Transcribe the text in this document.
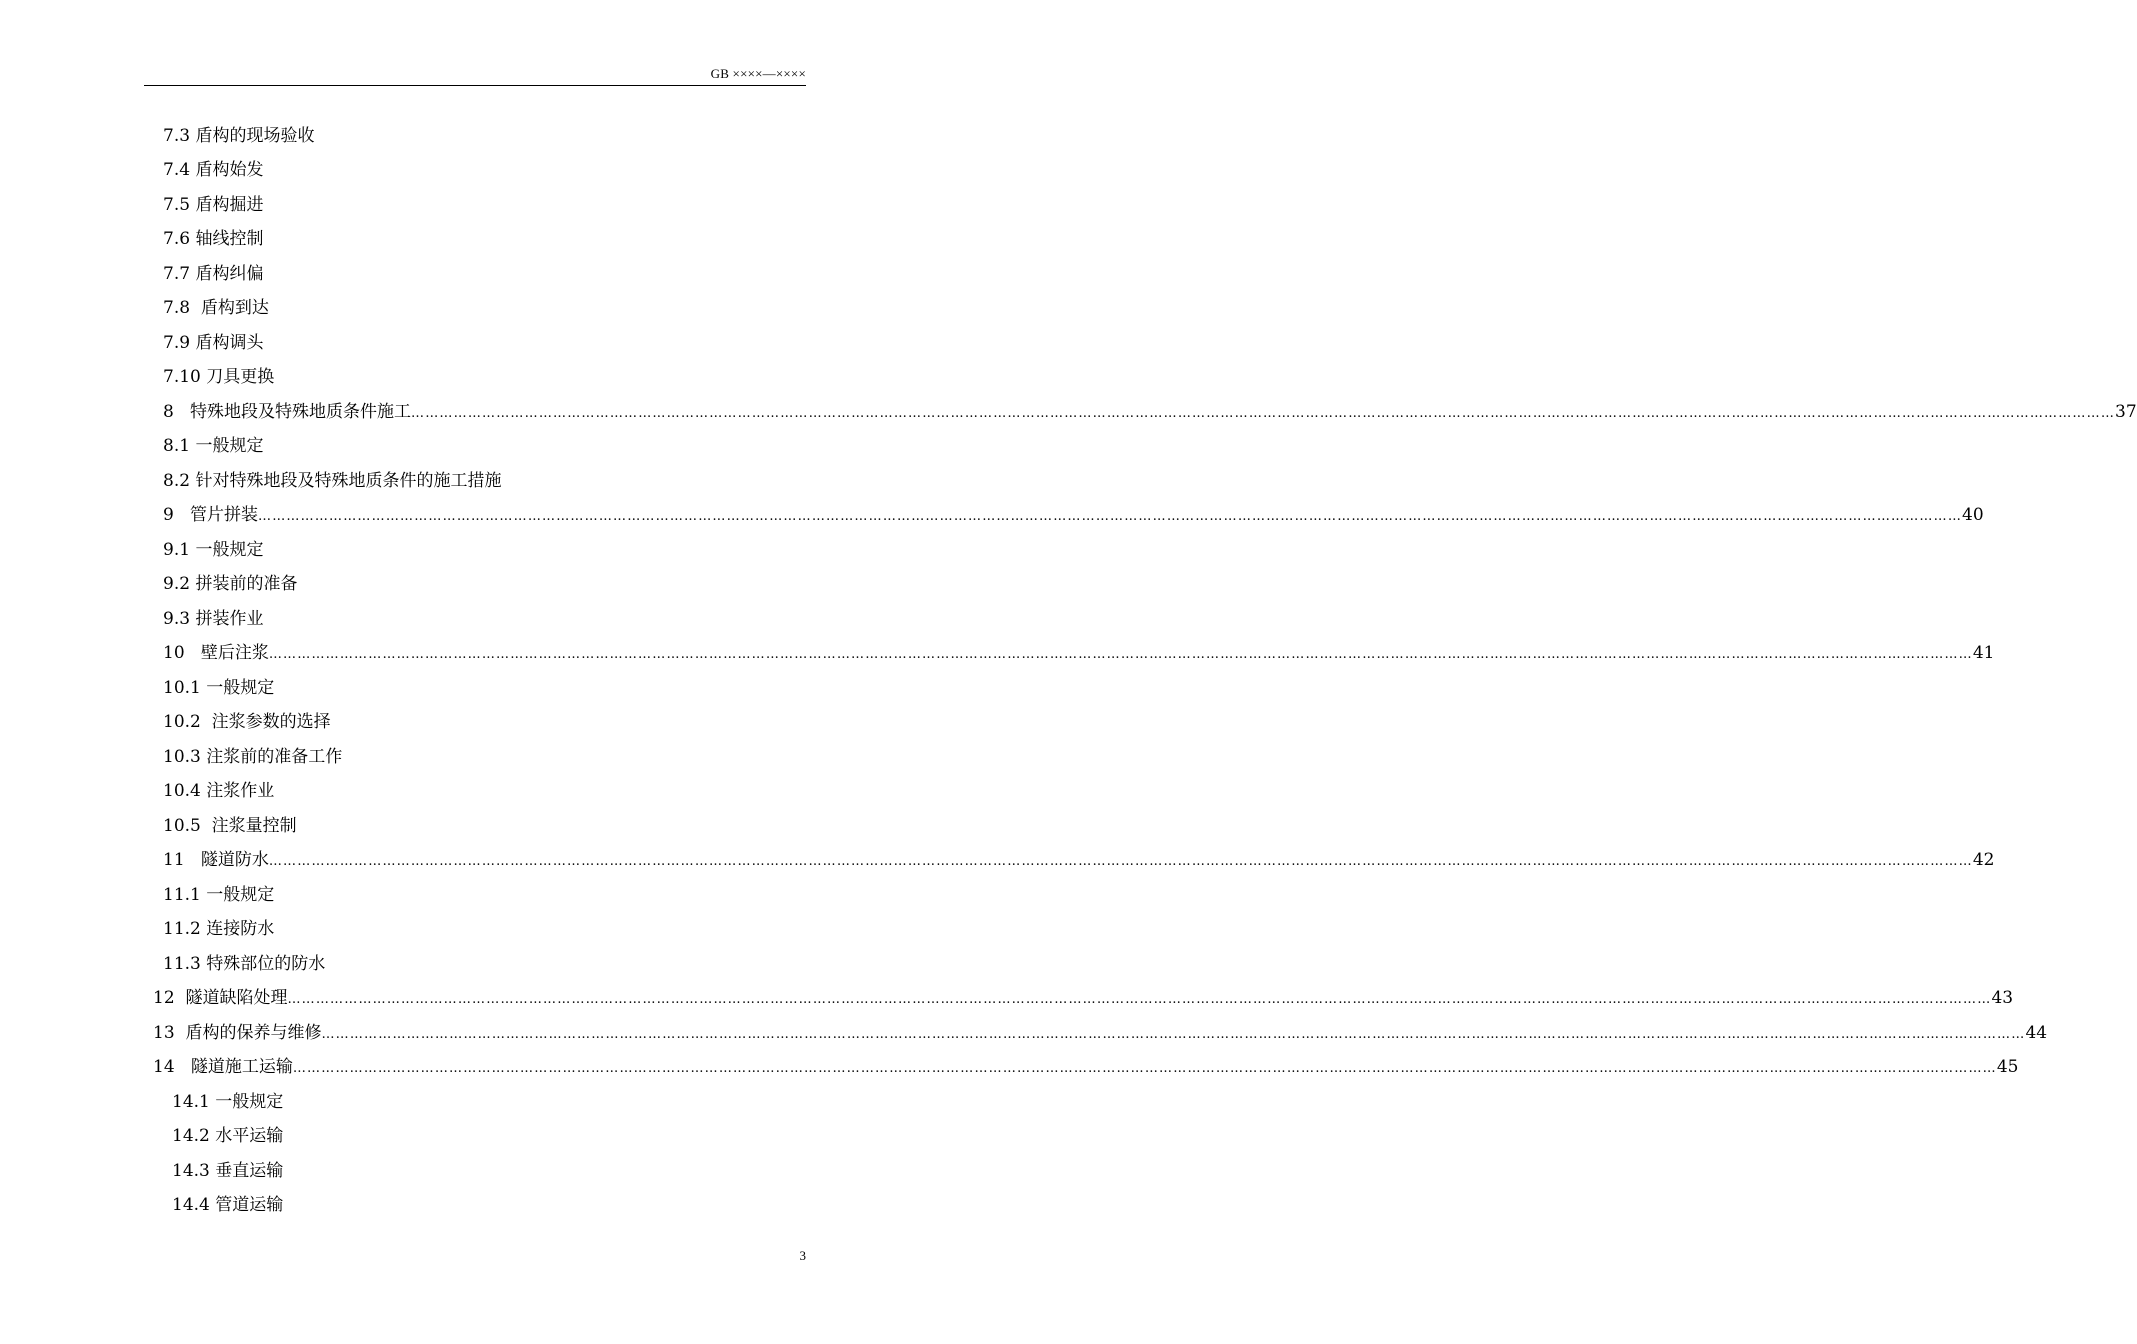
GB ××××—××××
7.3 盾构的现场验收
7.4 盾构始发
7.5 盾构掘进
7.6 轴线控制
7.7 盾构纠偏
7.8  盾构到达
7.9 盾构调头
7.10 刀具更换
8   特殊地段及特殊地质条件施工 ……………………………………………………………………………………………………………………………………………………………………………………………………………………………………………………………………………………………………………………………… 37
8.1 一般规定
8.2 针对特殊地段及特殊地质条件的施工措施
9   管片拼装 ……………………………………………………………………………………………………………………………………………………………………………………………………………………………………………………………………………………………………………………………… 40
9.1 一般规定
9.2 拼装前的准备
9.3 拼装作业
10   壁后注浆 ……………………………………………………………………………………………………………………………………………………………………………………………………………………………………………………………………………………………………………………………… 41
10.1 一般规定
10.2  注浆参数的选择
10.3 注浆前的准备工作
10.4 注浆作业
10.5  注浆量控制
11   隧道防水 ……………………………………………………………………………………………………………………………………………………………………………………………………………………………………………………………………………………………………………………………… 42
11.1 一般规定
11.2 连接防水
11.3 特殊部位的防水
12  隧道缺陷处理 ……………………………………………………………………………………………………………………………………………………………………………………………………………………………………………………………………………………………………………………………… 43
13  盾构的保养与维修 ……………………………………………………………………………………………………………………………………………………………………………………………………………………………………………………………………………………………………………………………… 44
14   隧道施工运输 ……………………………………………………………………………………………………………………………………………………………………………………………………………………………………………………………………………………………………………………………… 45
14.1 一般规定
14.2 水平运输
14.3 垂直运输
14.4 管道运输
3
